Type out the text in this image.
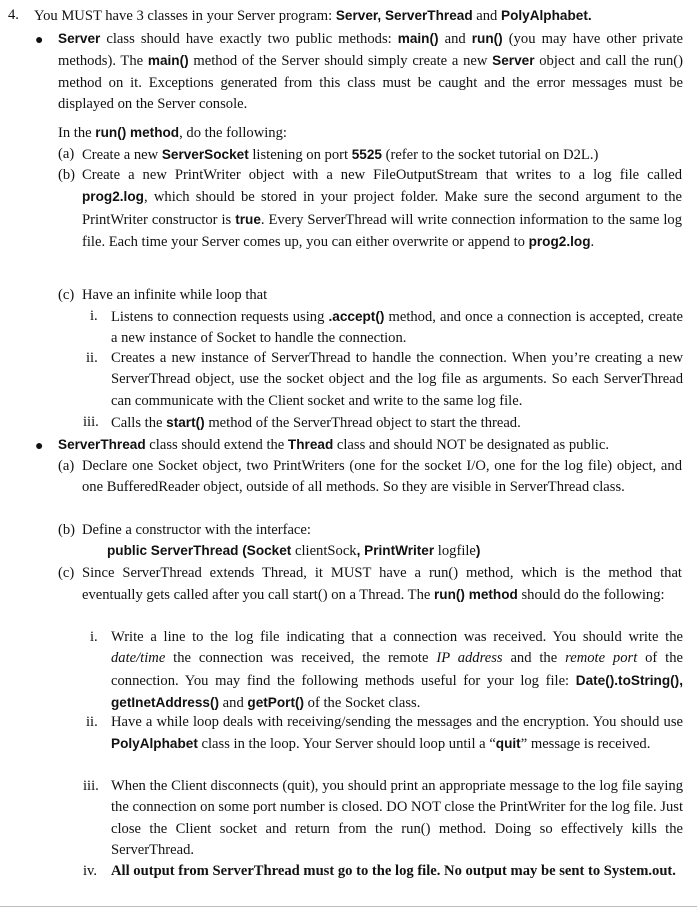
4. You MUST have 3 classes in your Server program: Server, ServerThread and PolyAlphabet.
● Server class should have exactly two public methods: main() and run() (you may have other private methods). The main() method of the Server should simply create a new Server object and call the run() method on it. Exceptions generated from this class must be caught and the error messages must be displayed on the Server console.
In the run() method, do the following:
(a) Create a new ServerSocket listening on port 5525 (refer to the socket tutorial on D2L.)
(b) Create a new PrintWriter object with a new FileOutputStream that writes to a log file called prog2.log, which should be stored in your project folder. Make sure the second argument to the PrintWriter constructor is true. Every ServerThread will write connection information to the same log file. Each time your Server comes up, you can either overwrite or append to prog2.log.
(c) Have an infinite while loop that
i. Listens to connection requests using .accept() method, and once a connection is accepted, create a new instance of Socket to handle the connection.
ii. Creates a new instance of ServerThread to handle the connection. When you’re creating a new ServerThread object, use the socket object and the log file as arguments. So each ServerThread can communicate with the Client socket and write to the same log file.
iii. Calls the start() method of the ServerThread object to start the thread.
● ServerThread class should extend the Thread class and should NOT be designated as public.
(a) Declare one Socket object, two PrintWriters (one for the socket I/O, one for the log file) object, and one BufferedReader object, outside of all methods. So they are visible in ServerThread class.
(b) Define a constructor with the interface:
public ServerThread (Socket clientSock, PrintWriter logfile)
(c) Since ServerThread extends Thread, it MUST have a run() method, which is the method that eventually gets called after you call start() on a Thread. The run() method should do the following:
i. Write a line to the log file indicating that a connection was received. You should write the date/time the connection was received, the remote IP address and the remote port of the connection. You may find the following methods useful for your log file: Date().toString(), getInetAddress() and getPort() of the Socket class.
ii. Have a while loop deals with receiving/sending the messages and the encryption. You should use PolyAlphabet class in the loop. Your Server should loop until a “quit” message is received.
iii. When the Client disconnects (quit), you should print an appropriate message to the log file saying the connection on some port number is closed. DO NOT close the PrintWriter for the log file. Just close the Client socket and return from the run() method. Doing so effectively kills the ServerThread.
iv. All output from ServerThread must go to the log file. No output may be sent to System.out.
